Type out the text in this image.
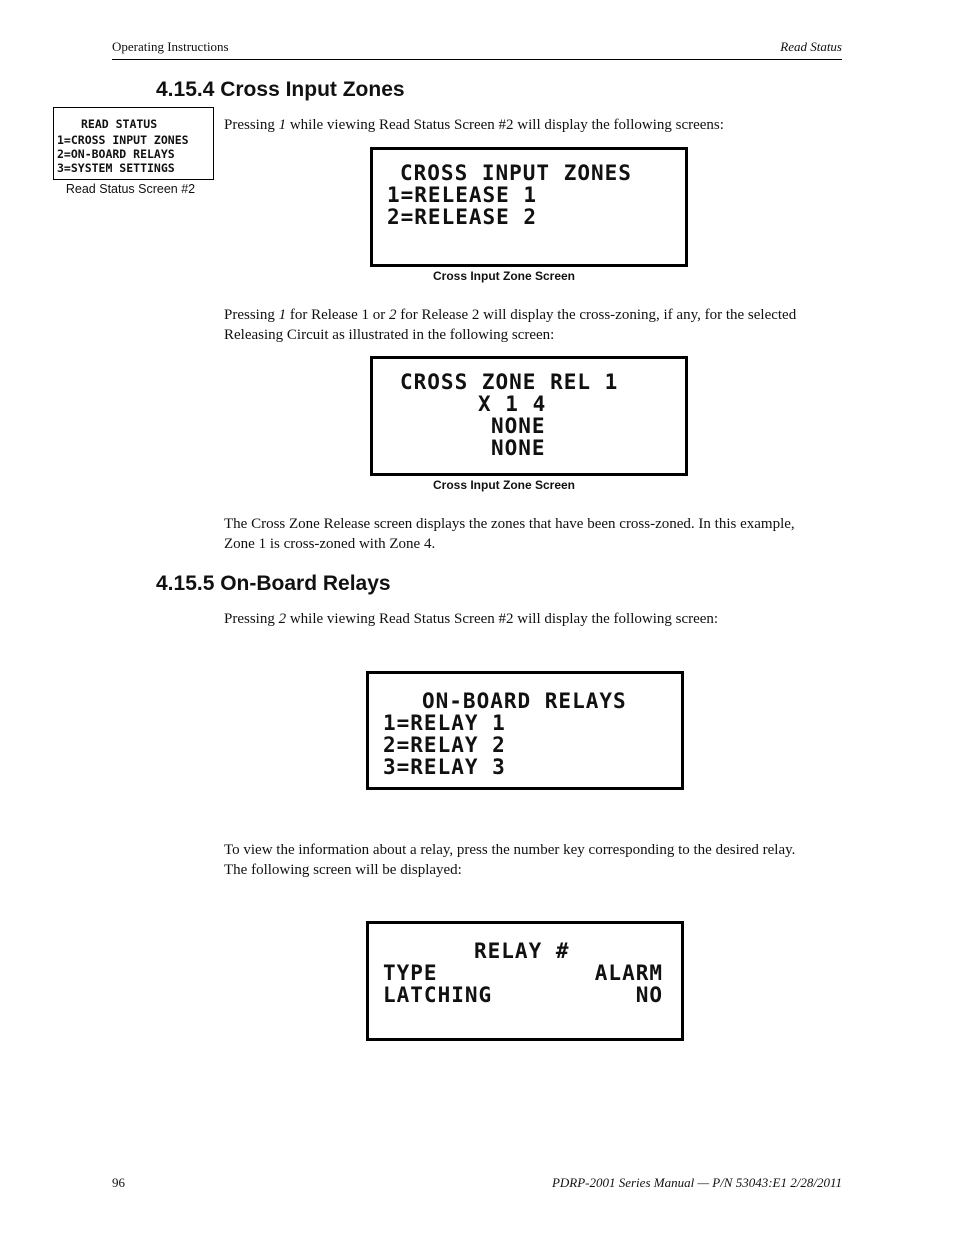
Operating Instructions	Read Status
4.15.4 Cross Input Zones
READ STATUS
1=CROSS INPUT ZONES
2=ON-BOARD RELAYS
3=SYSTEM SETTINGS
Read Status Screen #2
Pressing 1 while viewing Read Status Screen #2 will display the following screens:
CROSS INPUT ZONES
1=RELEASE 1
2=RELEASE 2
Cross Input Zone Screen
Pressing 1 for Release 1 or 2 for Release 2 will display the cross-zoning, if any, for the selected
Releasing Circuit as illustrated in the following screen:
CROSS ZONE REL 1
X 1 4
NONE
NONE
Cross Input Zone Screen
The Cross Zone Release screen displays the zones that have been cross-zoned. In this example,
Zone 1 is cross-zoned with Zone 4.
4.15.5 On-Board Relays
Pressing 2 while viewing Read Status Screen #2 will display the following screen:
ON-BOARD RELAYS
1=RELAY 1
2=RELAY 2
3=RELAY 3
To view the information about a relay, press the number key corresponding to the desired relay.
The following screen will be displayed:
RELAY #
TYPE	ALARM
LATCHING	NO
96	PDRP-2001 Series Manual — P/N 53043:E1 2/28/2011
